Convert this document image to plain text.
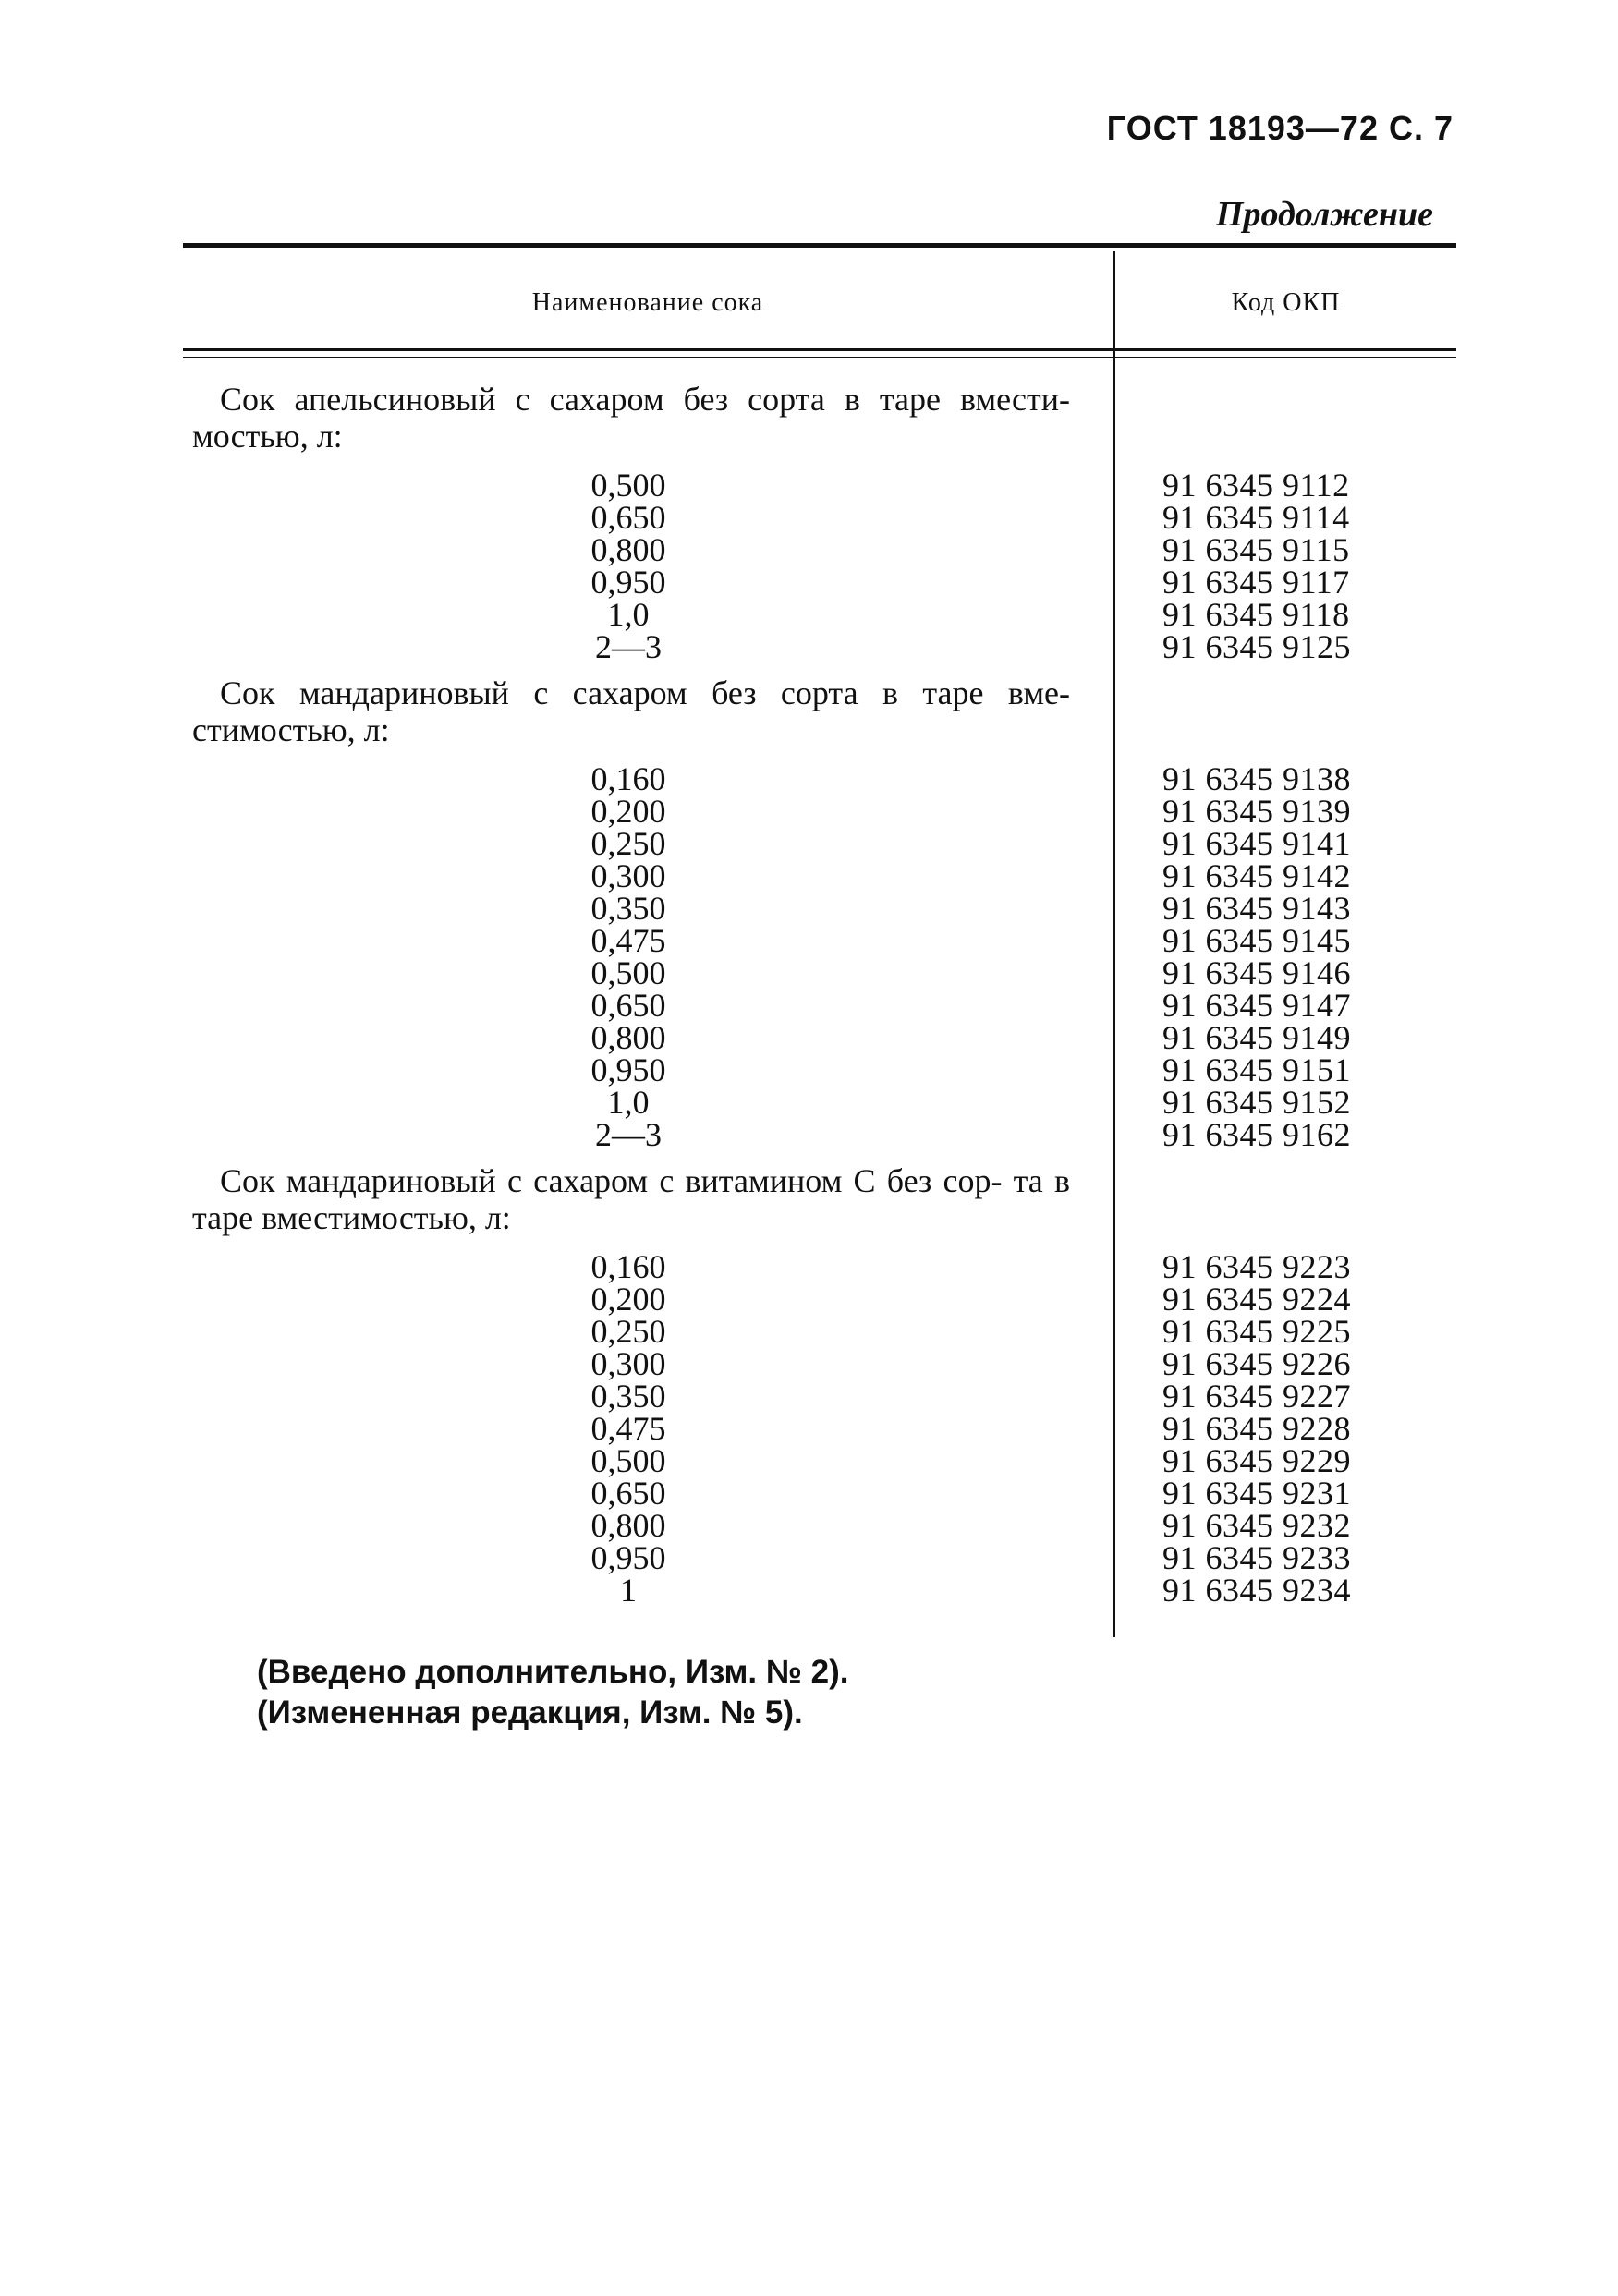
ГОСТ 18193—72 С. 7
Продолжение
Наименование сока	Код ОКП
Сок апельсиновый с сахаром без сорта в таре вмести- мостью, л:
0,500	91 6345 9112
0,650	91 6345 9114
0,800	91 6345 9115
0,950	91 6345 9117
1,0	91 6345 9118
2—3	91 6345 9125
Сок мандариновый с сахаром без сорта в таре вме- стимостью, л:
0,160	91 6345 9138
0,200	91 6345 9139
0,250	91 6345 9141
0,300	91 6345 9142
0,350	91 6345 9143
0,475	91 6345 9145
0,500	91 6345 9146
0,650	91 6345 9147
0,800	91 6345 9149
0,950	91 6345 9151
1,0	91 6345 9152
2—3	91 6345 9162
Сок мандариновый с сахаром с витамином С без сор- та в таре вместимостью, л:
0,160	91 6345 9223
0,200	91 6345 9224
0,250	91 6345 9225
0,300	91 6345 9226
0,350	91 6345 9227
0,475	91 6345 9228
0,500	91 6345 9229
0,650	91 6345 9231
0,800	91 6345 9232
0,950	91 6345 9233
1	91 6345 9234
(Введено дополнительно, Изм. № 2).
(Измененная редакция, Изм. № 5).
